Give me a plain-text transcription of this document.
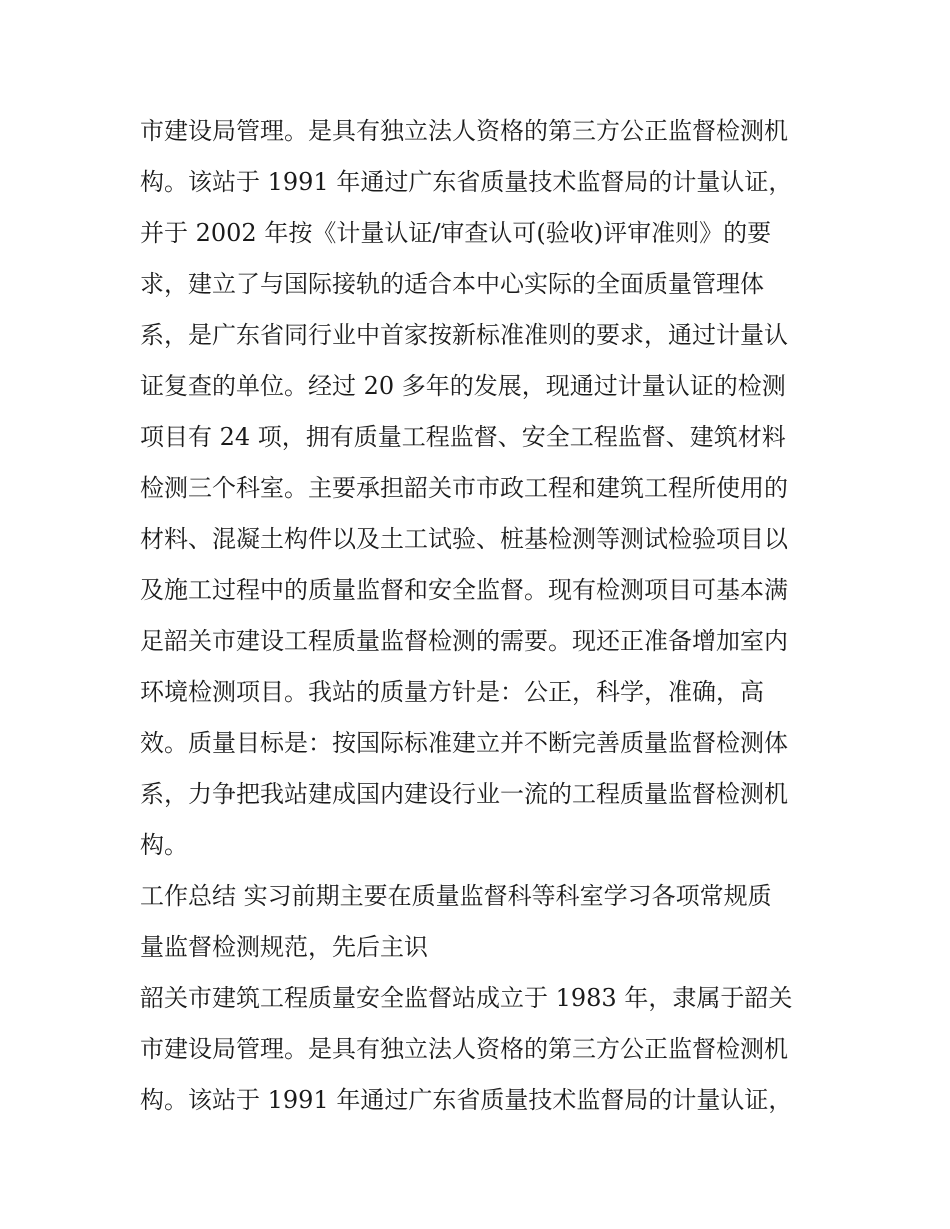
市建设局管理。是具有独立法人资格的第三方公正监督检测机
构。该站于 1991 年通过广东省质量技术监督局的计量认证，
并于 2002 年按《计量认证/审查认可(验收)评审准则》的要
求，建立了与国际接轨的适合本中心实际的全面质量管理体
系，是广东省同行业中首家按新标准准则的要求，通过计量认
证复查的单位。经过 20 多年的发展，现通过计量认证的检测
项目有 24 项，拥有质量工程监督、安全工程监督、建筑材料
检测三个科室。主要承担韶关市市政工程和建筑工程所使用的
材料、混凝土构件以及土工试验、桩基检测等测试检验项目以
及施工过程中的质量监督和安全监督。现有检测项目可基本满
足韶关市建设工程质量监督检测的需要。现还正准备增加室内
环境检测项目。我站的质量方针是：公正，科学，准确，高
效。质量目标是：按国际标准建立并不断完善质量监督检测体
系，力争把我站建成国内建设行业一流的工程质量监督检测机
构。
工作总结 实习前期主要在质量监督科等科室学习各项常规质
量监督检测规范，先后主识
韶关市建筑工程质量安全监督站成立于 1983 年，隶属于韶关
市建设局管理。是具有独立法人资格的第三方公正监督检测机
构。该站于 1991 年通过广东省质量技术监督局的计量认证，
